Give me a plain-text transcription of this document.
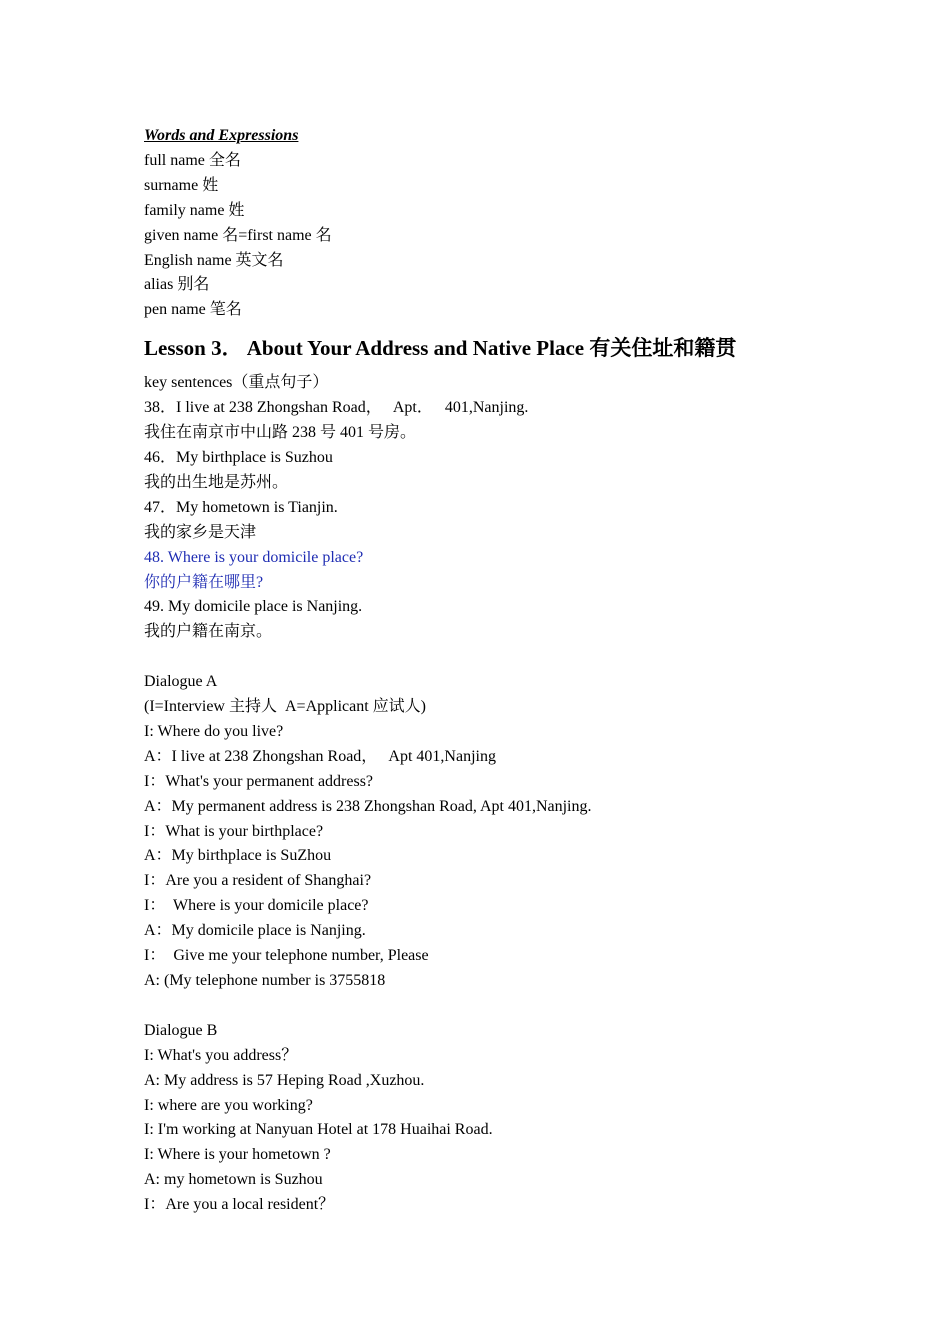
Words and Expressions
full name 全名
surname 姓
family name 姓
given name 名=first name 名
English name 英文名
alias 别名
pen name 笔名
Lesson 3． About Your Address and Native Place 有关住址和籍贯
key sentences（重点句子）
38．I live at 238 Zhongshan Road，   Apt．   401,Nanjing.
我住在南京市中山路 238 号 401 号房。
46．My birthplace is Suzhou
我的出生地是苏州。
47．My hometown is Tianjin.
我的家乡是天津
48. Where is your domicile place?
你的户籍在哪里?
49. My domicile place is Nanjing.
我的户籍在南京。
Dialogue A
(I=Interview 主持人  A=Applicant 应试人)
I: Where do you live?
A：I live at 238 Zhongshan Road，   Apt 401,Nanjing
I：What's your permanent address?
A：My permanent address is 238 Zhongshan Road, Apt 401,Nanjing.
I：What is your birthplace?
A：My birthplace is SuZhou
I：Are you a resident of Shanghai?
I：  Where is your domicile place?
A：My domicile place is Nanjing.
I：  Give me your telephone number, Please
A: (My telephone number is 3755818
Dialogue B
I: What's you address？
A: My address is 57 Heping Road ,Xuzhou.
I: where are you working?
I: I'm working at Nanyuan Hotel at 178 Huaihai Road.
I: Where is your hometown ?
A: my hometown is Suzhou
I：Are you a local resident？
